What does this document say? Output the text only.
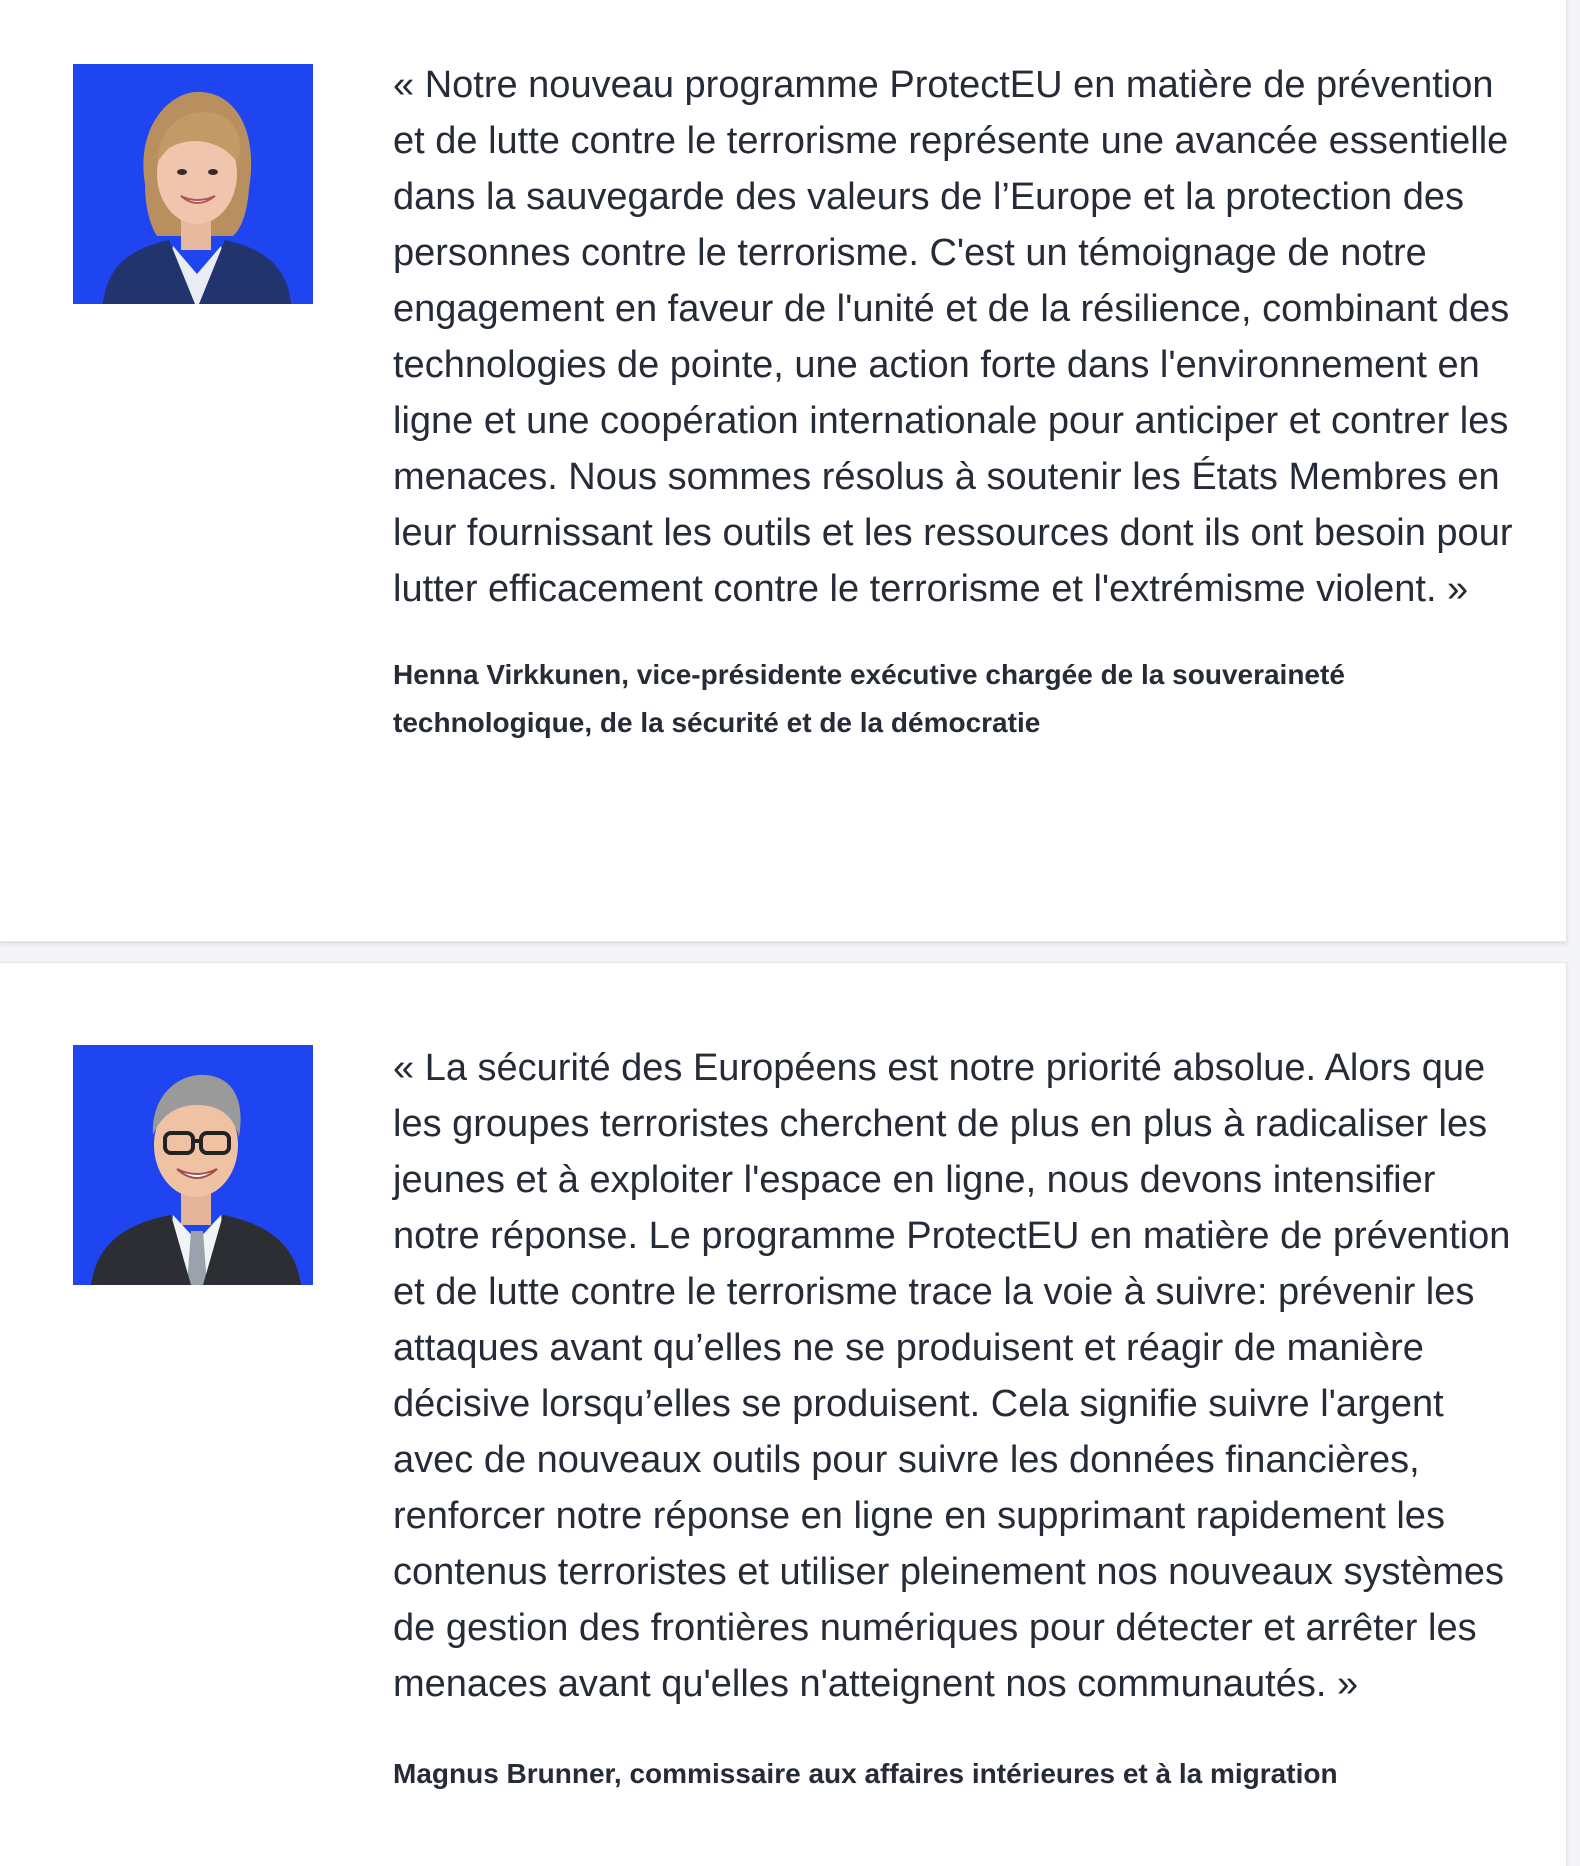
« Notre nouveau programme ProtectEU en matière de prévention et de lutte contre le terrorisme représente une avancée essentielle dans la sauvegarde des valeurs de l’Europe et la protection des personnes contre le terrorisme. C'est un témoignage de notre engagement en faveur de l'unité et de la résilience, combinant des technologies de pointe, une action forte dans l'environnement en ligne et une coopération internationale pour anticiper et contrer les menaces. Nous sommes résolus à soutenir les États Membres en leur fournissant les outils et les ressources dont ils ont besoin pour lutter efficacement contre le terrorisme et l'extrémisme violent. »

Henna Virkkunen, vice-présidente exécutive chargée de la souveraineté technologique, de la sécurité et de la démocratie

« La sécurité des Européens est notre priorité absolue. Alors que les groupes terroristes cherchent de plus en plus à radicaliser les jeunes et à exploiter l'espace en ligne, nous devons intensifier notre réponse. Le programme ProtectEU en matière de prévention et de lutte contre le terrorisme trace la voie à suivre: prévenir les attaques avant qu’elles ne se produisent et réagir de manière décisive lorsqu’elles se produisent. Cela signifie suivre l'argent avec de nouveaux outils pour suivre les données financières, renforcer notre réponse en ligne en supprimant rapidement les contenus terroristes et utiliser pleinement nos nouveaux systèmes de gestion des frontières numériques pour détecter et arrêter les menaces avant qu'elles n'atteignent nos communautés. »

Magnus Brunner, commissaire aux affaires intérieures et à la migration
